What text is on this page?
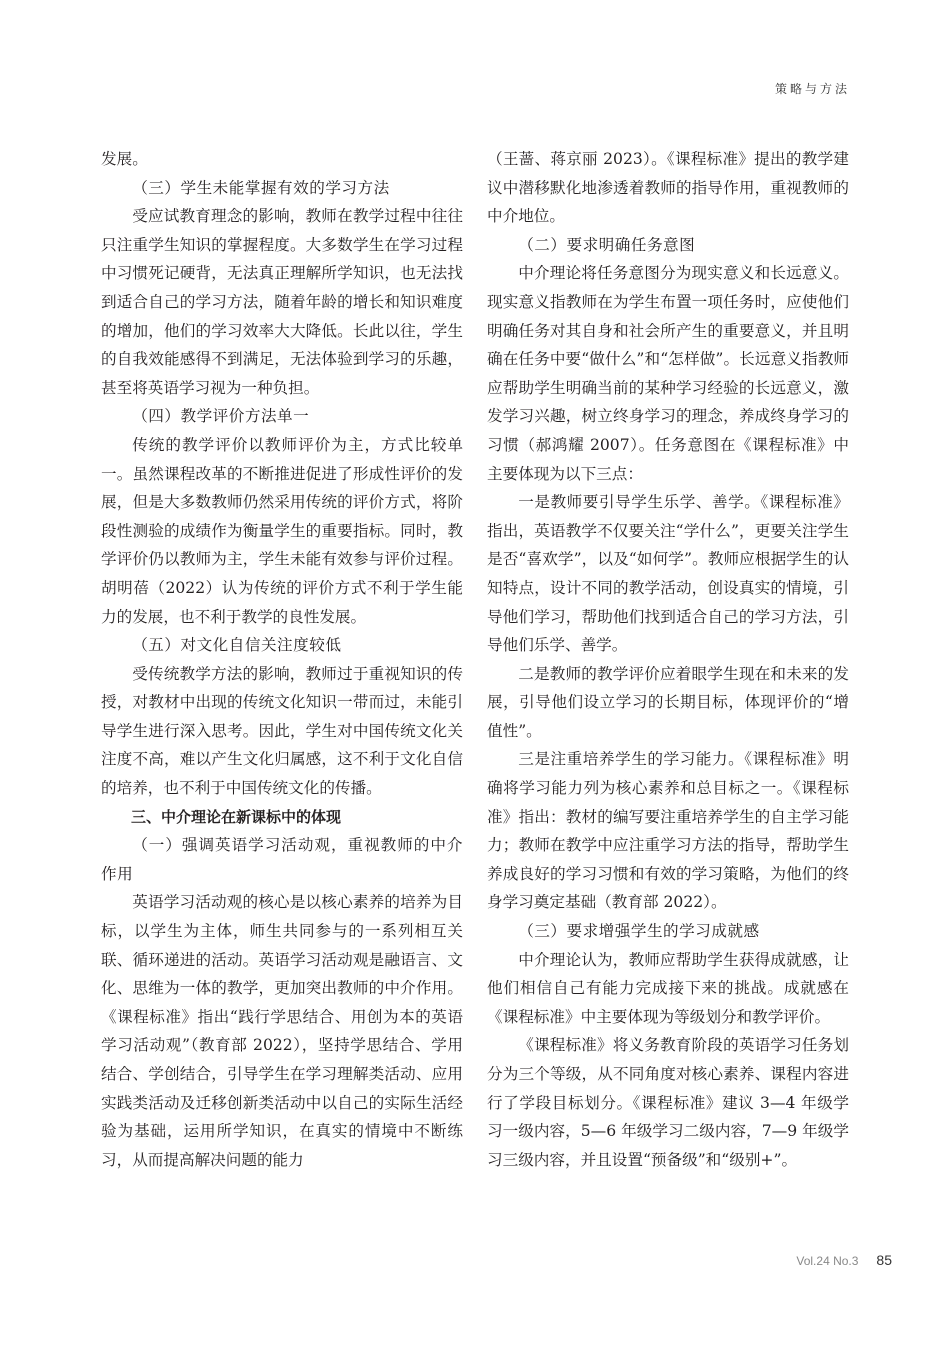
策略与方法

发展。

（三）学生未能掌握有效的学习方法

受应试教育理念的影响，教师在教学过程中往往只注重学生知识的掌握程度。大多数学生在学习过程中习惯死记硬背，无法真正理解所学知识，也无法找到适合自己的学习方法，随着年龄的增长和知识难度的增加，他们的学习效率大大降低。长此以往，学生的自我效能感得不到满足，无法体验到学习的乐趣，甚至将英语学习视为一种负担。

（四）教学评价方法单一

传统的教学评价以教师评价为主，方式比较单一。虽然课程改革的不断推进促进了形成性评价的发展，但是大多数教师仍然采用传统的评价方式，将阶段性测验的成绩作为衡量学生的重要指标。同时，教学评价仍以教师为主，学生未能有效参与评价过程。胡明蓓（2022）认为传统的评价方式不利于学生能力的发展，也不利于教学的良性发展。

（五）对文化自信关注度较低

受传统教学方法的影响，教师过于重视知识的传授，对教材中出现的传统文化知识一带而过，未能引导学生进行深入思考。因此，学生对中国传统文化关注度不高，难以产生文化归属感，这不利于文化自信的培养，也不利于中国传统文化的传播。

三、中介理论在新课标中的体现

（一）强调英语学习活动观，重视教师的中介作用

英语学习活动观的核心是以核心素养的培养为目标，以学生为主体，师生共同参与的一系列相互关联、循环递进的活动。英语学习活动观是融语言、文化、思维为一体的教学，更加突出教师的中介作用。《课程标准》指出“践行学思结合、用创为本的英语学习活动观”（教育部 2022），坚持学思结合、学用结合、学创结合，引导学生在学习理解类活动、应用实践类活动及迁移创新类活动中以自己的实际生活经验为基础，运用所学知识，在真实的情境中不断练习，从而提高解决问题的能力

（王蔷、蒋京丽 2023）。《课程标准》提出的教学建议中潜移默化地渗透着教师的指导作用，重视教师的中介地位。

（二）要求明确任务意图

中介理论将任务意图分为现实意义和长远意义。现实意义指教师在为学生布置一项任务时，应使他们明确任务对其自身和社会所产生的重要意义，并且明确在任务中要“做什么”和“怎样做”。长远意义指教师应帮助学生明确当前的某种学习经验的长远意义，激发学习兴趣，树立终身学习的理念，养成终身学习的习惯（郝鸿耀 2007）。任务意图在《课程标准》中主要体现为以下三点：

一是教师要引导学生乐学、善学。《课程标准》指出，英语教学不仅要关注“学什么”，更要关注学生是否“喜欢学”，以及“如何学”。教师应根据学生的认知特点，设计不同的教学活动，创设真实的情境，引导他们学习，帮助他们找到适合自己的学习方法，引导他们乐学、善学。

二是教师的教学评价应着眼学生现在和未来的发展，引导他们设立学习的长期目标，体现评价的“增值性”。

三是注重培养学生的学习能力。《课程标准》明确将学习能力列为核心素养和总目标之一。《课程标准》指出：教材的编写要注重培养学生的自主学习能力；教师在教学中应注重学习方法的指导，帮助学生养成良好的学习习惯和有效的学习策略，为他们的终身学习奠定基础（教育部 2022）。

（三）要求增强学生的学习成就感

中介理论认为，教师应帮助学生获得成就感，让他们相信自己有能力完成接下来的挑战。成就感在《课程标准》中主要体现为等级划分和教学评价。

《课程标准》将义务教育阶段的英语学习任务划分为三个等级，从不同角度对核心素养、课程内容进行了学段目标划分。《课程标准》建议 3—4 年级学习一级内容，5—6 年级学习二级内容，7—9 年级学习三级内容，并且设置“预备级”和“级别+”。

Vol.24 No.3 85
